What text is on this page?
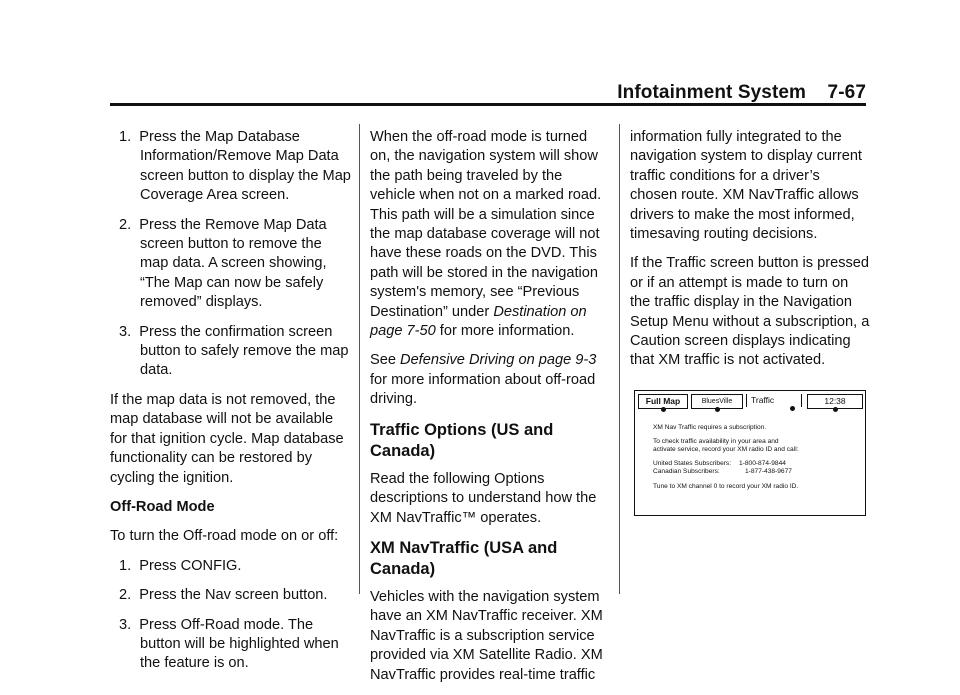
Infotainment System    7-67
1. Press the Map Database Information/Remove Map Data screen button to display the Map Coverage Area screen.
2. Press the Remove Map Data screen button to remove the map data. A screen showing, “The Map can now be safely removed” displays.
3. Press the confirmation screen button to safely remove the map data.

If the map data is not removed, the map database will not be available for that ignition cycle. Map database functionality can be restored by cycling the ignition.

Off-Road Mode

To turn the Off-road mode on or off:

1. Press CONFIG.
2. Press the Nav screen button.
3. Press Off-Road mode. The button will be highlighted when the feature is on.

When the off-road mode is turned on, the navigation system will show the path being traveled by the vehicle when not on a marked road. This path will be a simulation since the map database coverage will not have these roads on the DVD. This path will be stored in the navigation system's memory, see “Previous Destination” under Destination on page 7‑50 for more information.

See Defensive Driving on page 9‑3 for more information about off-road driving.

Traffic Options (US and Canada)

Read the following Options descriptions to understand how the XM NavTraffic™ operates.

XM NavTraffic (USA and Canada)

Vehicles with the navigation system have an XM NavTraffic receiver. XM NavTraffic is a subscription service provided via XM Satellite Radio. XM NavTraffic provides real-time traffic

information fully integrated to the navigation system to display current traffic conditions for a driver’s chosen route. XM NavTraffic allows drivers to make the most informed, timesaving routing decisions.

If the Traffic screen button is pressed or if an attempt is made to turn on the traffic display in the Navigation Setup Menu without a subscription, a Caution screen displays indicating that XM traffic is not activated.

Full Map	BluesVille	Traffic	12:38
XM Nav Traffic requires a subscription.
To check traffic availability in your area and
activate service, record your XM radio ID and call:
United States Subscribers: 1‑800‑874‑9844
Canadian Subscribers:	1‑877‑438‑9677
Tune to XM channel 0 to record your XM radio ID.
